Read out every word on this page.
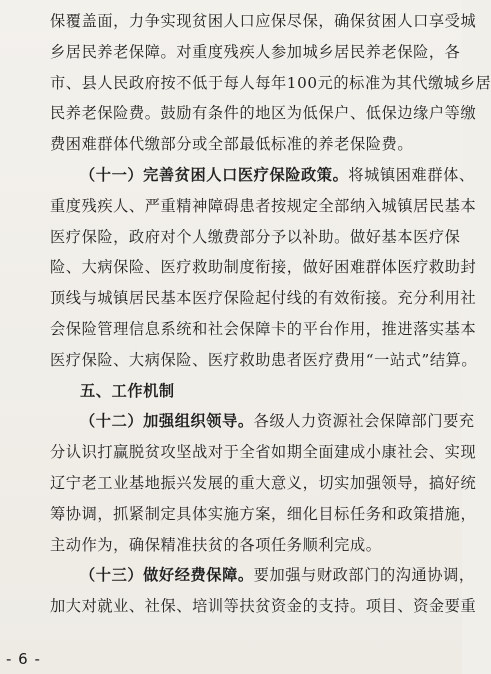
保覆盖面，力争实现贫困人口应保尽保，确保贫困人口享受城
乡居民养老保障。对重度残疾人参加城乡居民养老保险，各
市、县人民政府按不低于每人每年100元的标准为其代缴城乡居
民养老保险费。鼓励有条件的地区为低保户、低保边缘户等缴
费困难群体代缴部分或全部最低标准的养老保险费。
（十一）完善贫困人口医疗保险政策。将城镇困难群体、
重度残疾人、严重精神障碍患者按规定全部纳入城镇居民基本
医疗保险，政府对个人缴费部分予以补助。做好基本医疗保
险、大病保险、医疗救助制度衔接，做好困难群体医疗救助封
顶线与城镇居民基本医疗保险起付线的有效衔接。充分利用社
会保险管理信息系统和社会保障卡的平台作用，推进落实基本
医疗保险、大病保险、医疗救助患者医疗费用“一站式”结算。
五、工作机制
（十二）加强组织领导。各级人力资源社会保障部门要充
分认识打赢脱贫攻坚战对于全省如期全面建成小康社会、实现
辽宁老工业基地振兴发展的重大意义，切实加强领导，搞好统
筹协调，抓紧制定具体实施方案，细化目标任务和政策措施，
主动作为，确保精准扶贫的各项任务顺利完成。
（十三）做好经费保障。要加强与财政部门的沟通协调，
加大对就业、社保、培训等扶贫资金的支持。项目、资金要重
- 6 -
